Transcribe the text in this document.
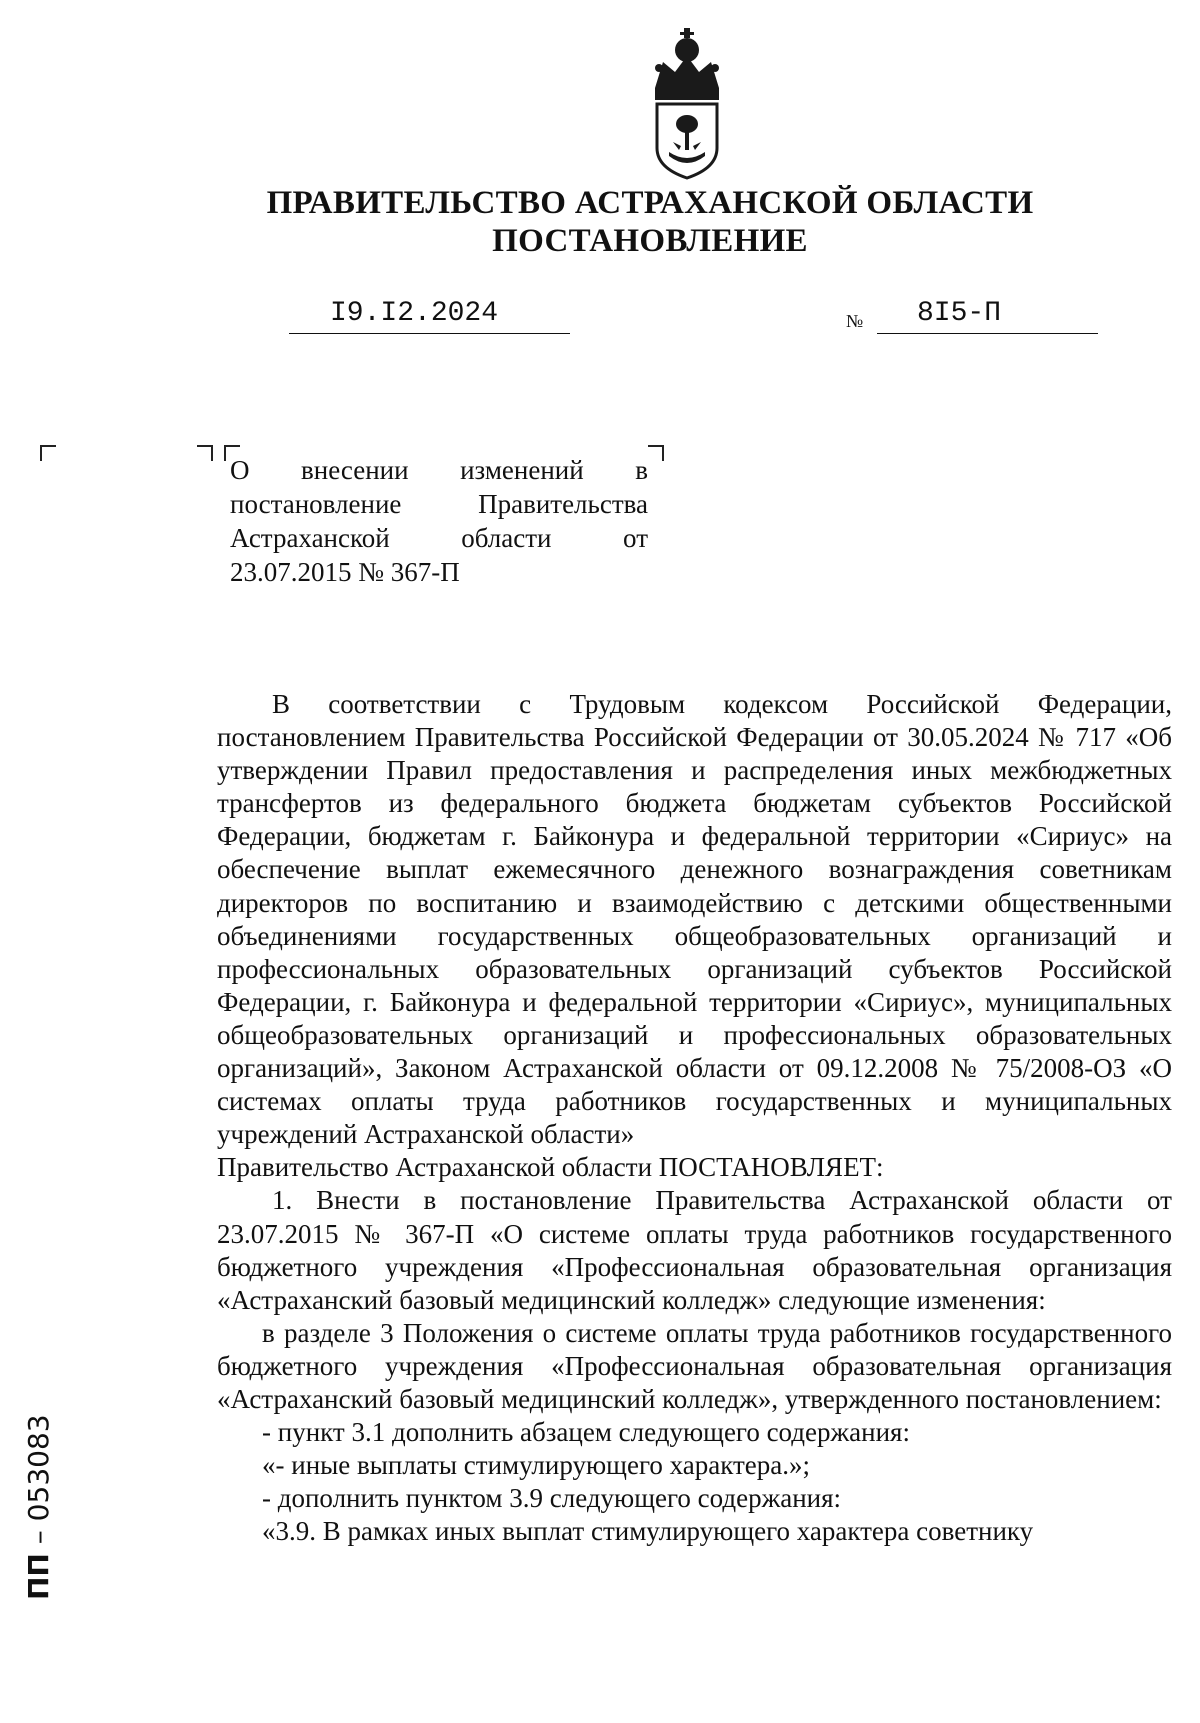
ПРАВИТЕЛЬСТВО АСТРАХАНСКОЙ ОБЛАСТИ
ПОСТАНОВЛЕНИЕ
I9.I2.2024	№ 8I5-П
О внесении изменений в
постановление Правительства
Астраханской области от
23.07.2015 № 367-П

В соответствии с Трудовым кодексом Российской Федерации, постановлением Правительства Российской Федерации от 30.05.2024 № 717 «Об утверждении Правил предоставления и распределения иных межбюджетных трансфертов из федерального бюджета бюджетам субъектов Российской Федерации, бюджетам г. Байконура и федеральной территории «Сириус» на обеспечение выплат ежемесячного денежного вознаграждения советникам директоров по воспитанию и взаимодействию с детскими общественными объединениями государственных общеобразовательных организаций и профессиональных образовательных организаций субъектов Российской Федерации, г. Байконура и федеральной территории «Сириус», муниципальных общеобразовательных организаций и профессиональных образовательных организаций», Законом Астраханской области от 09.12.2008 № 75/2008-ОЗ «О системах оплаты труда работников государственных и муниципальных учреждений Астраханской области»

Правительство Астраханской области ПОСТАНОВЛЯЕТ:

1. Внести в постановление Правительства Астраханской области от 23.07.2015 № 367-П «О системе оплаты труда работников государственного бюджетного учреждения «Профессиональная образовательная организация «Астраханский базовый медицинский колледж» следующие изменения:

в разделе 3 Положения о системе оплаты труда работников государственного бюджетного учреждения «Профессиональная образовательная организация «Астраханский базовый медицинский колледж», утвержденного постановлением:

- пункт 3.1 дополнить абзацем следующего содержания:

«- иные выплаты стимулирующего характера.»;

- дополнить пунктом 3.9 следующего содержания:

«3.9. В рамках иных выплат стимулирующего характера советнику

ПП – 053083
